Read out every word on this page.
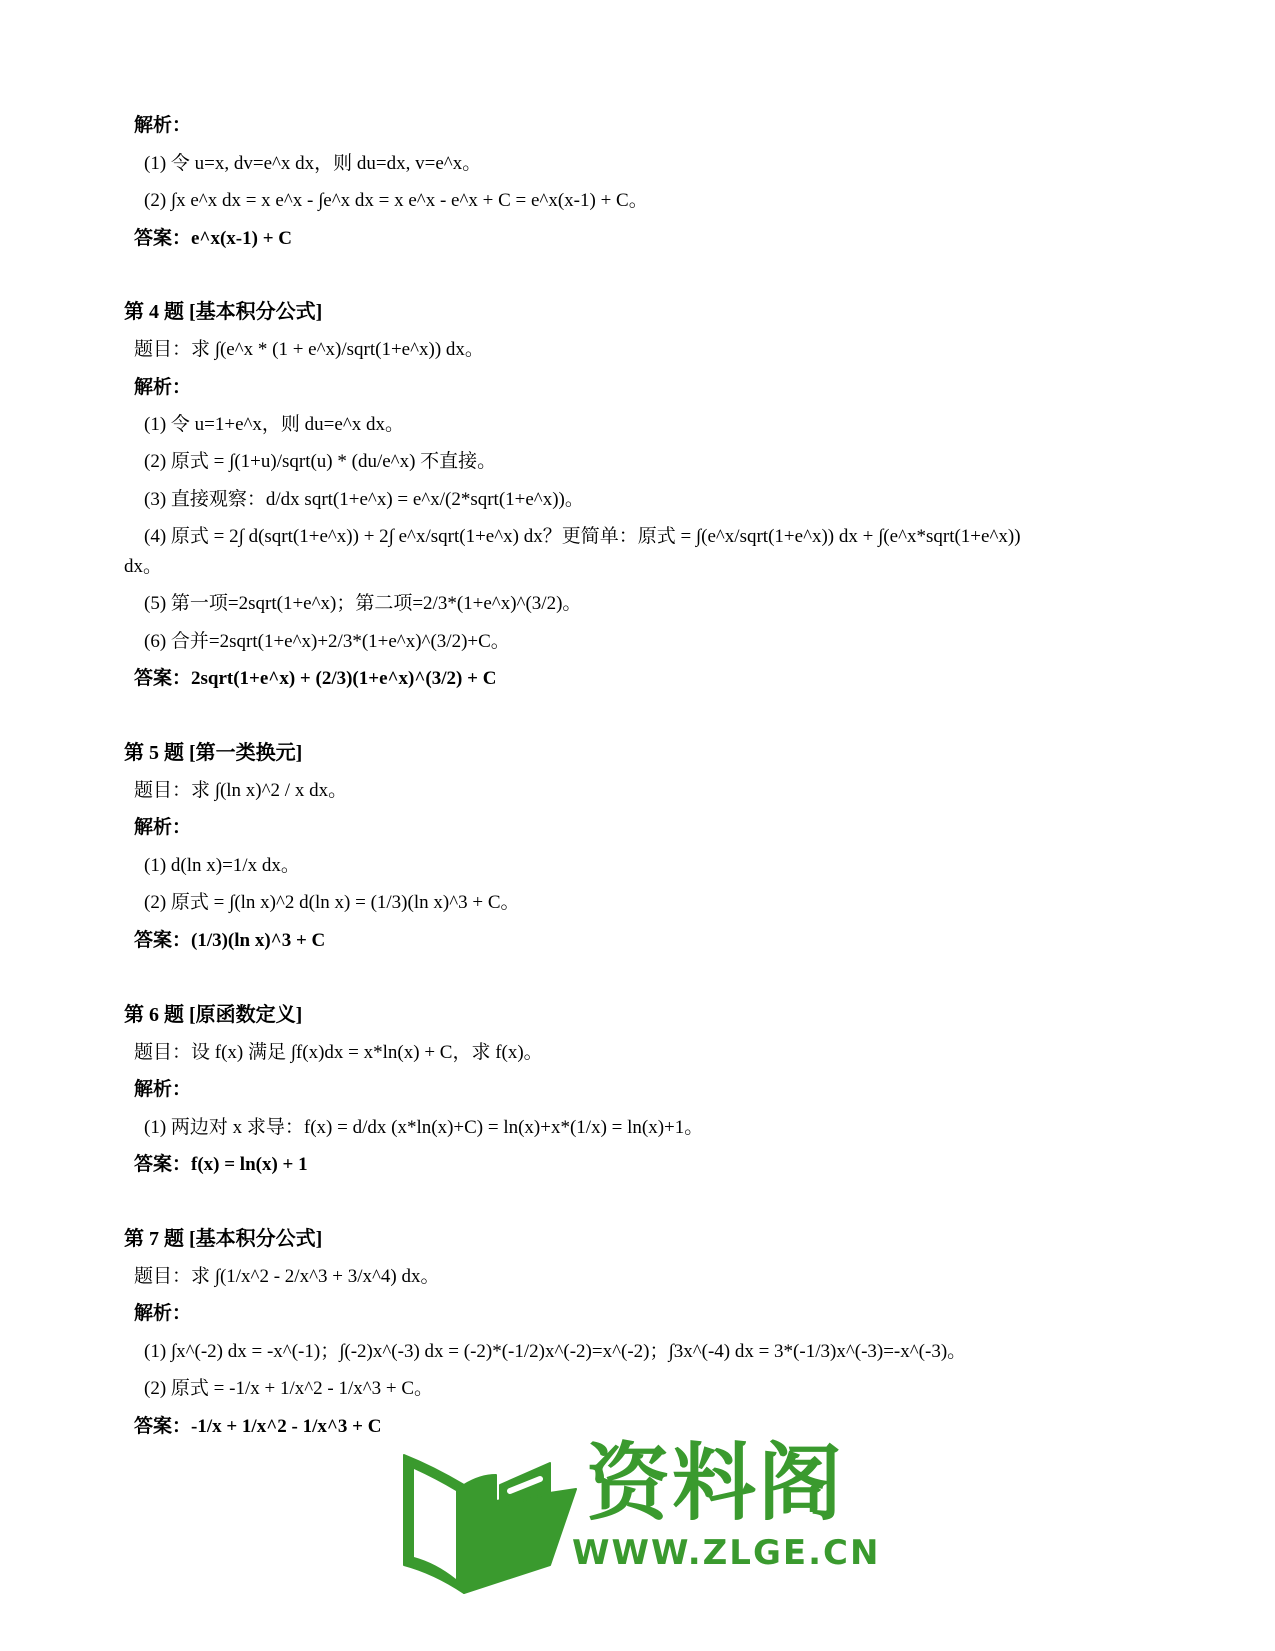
解析：
(1) 令 u=x, dv=e^x dx，则 du=dx, v=e^x。
(2) ∫x e^x dx = x e^x - ∫e^x dx = x e^x - e^x + C = e^x(x-1) + C。
答案：e^x(x-1) + C
第 4 题 [基本积分公式]
题目：求 ∫(e^x * (1 + e^x)/sqrt(1+e^x)) dx。
解析：
(1) 令 u=1+e^x，则 du=e^x dx。
(2) 原式 = ∫(1+u)/sqrt(u) * (du/e^x) 不直接。
(3) 直接观察：d/dx sqrt(1+e^x) = e^x/(2*sqrt(1+e^x))。
(4) 原式 = 2∫ d(sqrt(1+e^x)) + 2∫ e^x/sqrt(1+e^x) dx？更简单：原式 = ∫(e^x/sqrt(1+e^x)) dx + ∫(e^x*sqrt(1+e^x))
dx。
(5) 第一项=2sqrt(1+e^x)；第二项=2/3*(1+e^x)^(3/2)。
(6) 合并=2sqrt(1+e^x)+2/3*(1+e^x)^(3/2)+C。
答案：2sqrt(1+e^x) + (2/3)(1+e^x)^(3/2) + C
第 5 题 [第一类换元]
题目：求 ∫(ln x)^2 / x dx。
解析：
(1) d(ln x)=1/x dx。
(2) 原式 = ∫(ln x)^2 d(ln x) = (1/3)(ln x)^3 + C。
答案：(1/3)(ln x)^3 + C
第 6 题 [原函数定义]
题目：设 f(x) 满足 ∫f(x)dx = x*ln(x) + C，求 f(x)。
解析：
(1) 两边对 x 求导：f(x) = d/dx (x*ln(x)+C) = ln(x)+x*(1/x) = ln(x)+1。
答案：f(x) = ln(x) + 1
第 7 题 [基本积分公式]
题目：求 ∫(1/x^2 - 2/x^3 + 3/x^4) dx。
解析：
(1) ∫x^(-2) dx = -x^(-1)；∫(-2)x^(-3) dx = (-2)*(-1/2)x^(-2)=x^(-2)；∫3x^(-4) dx = 3*(-1/3)x^(-3)=-x^(-3)。
(2) 原式 = -1/x + 1/x^2 - 1/x^3 + C。
答案：-1/x + 1/x^2 - 1/x^3 + C
资料阁
WWW.ZLGE.CN
